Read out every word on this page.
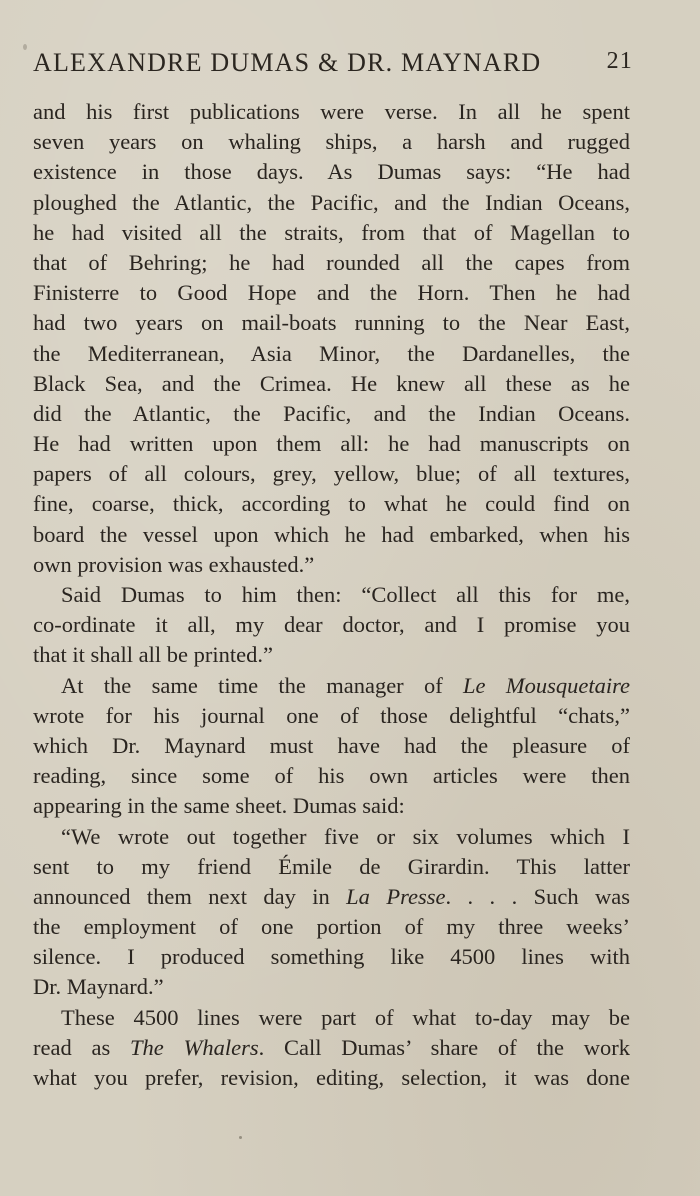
ALEXANDRE DUMAS & DR. MAYNARD	21
and his first publications were verse. In all he spent
seven years on whaling ships, a harsh and rugged
existence in those days. As Dumas says: “He had
ploughed the Atlantic, the Pacific, and the Indian Oceans,
he had visited all the straits, from that of Magellan to
that of Behring; he had rounded all the capes from
Finisterre to Good Hope and the Horn. Then he had
had two years on mail-boats running to the Near East,
the Mediterranean, Asia Minor, the Dardanelles, the
Black Sea, and the Crimea. He knew all these as he
did the Atlantic, the Pacific, and the Indian Oceans.
He had written upon them all: he had manuscripts on
papers of all colours, grey, yellow, blue; of all textures,
fine, coarse, thick, according to what he could find on
board the vessel upon which he had embarked, when his
own provision was exhausted.”
Said Dumas to him then: “Collect all this for me,
co-ordinate it all, my dear doctor, and I promise you
that it shall all be printed.”
At the same time the manager of Le Mousquetaire
wrote for his journal one of those delightful “chats,”
which Dr. Maynard must have had the pleasure of
reading, since some of his own articles were then
appearing in the same sheet. Dumas said:
“We wrote out together five or six volumes which I
sent to my friend Émile de Girardin. This latter
announced them next day in La Presse. . . . Such was
the employment of one portion of my three weeks’
silence. I produced something like 4500 lines with
Dr. Maynard.”
These 4500 lines were part of what to-day may be
read as The Whalers. Call Dumas’ share of the work
what you prefer, revision, editing, selection, it was done
